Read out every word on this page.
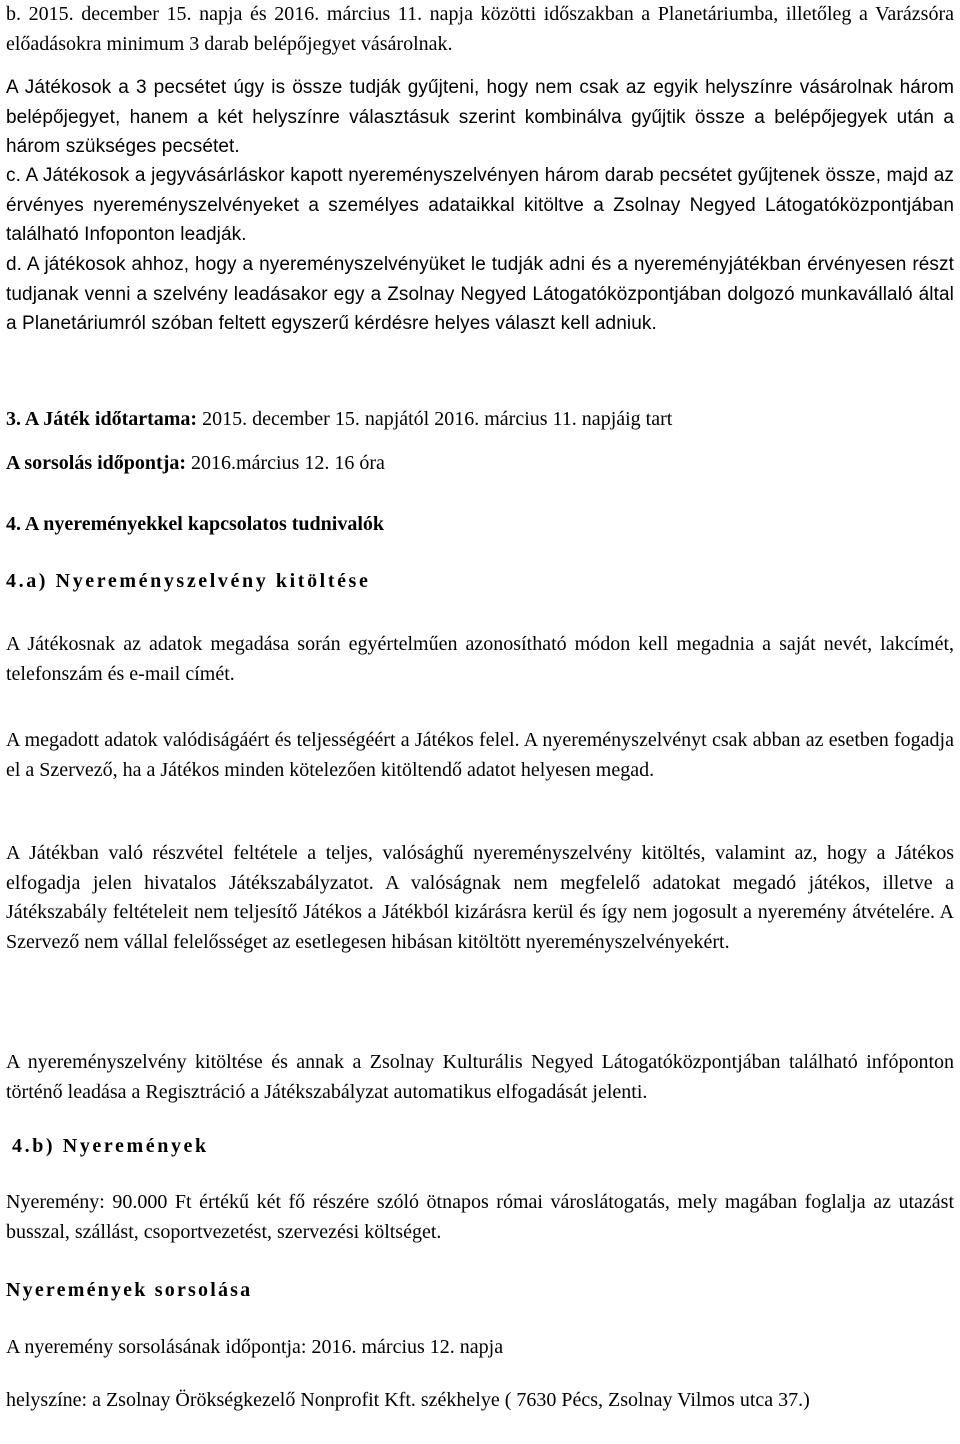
b. 2015. december 15. napja és 2016. március 11. napja közötti időszakban a Planetáriumba, illetőleg a Varázsóra előadásokra minimum 3 darab belépőjegyet vásárolnak.

A Játékosok a 3 pecsétet úgy is össze tudják gyűjteni, hogy nem csak az egyik helyszínre vásárolnak három belépőjegyet, hanem a két helyszínre választásuk szerint kombinálva gyűjtik össze a belépőjegyek után a három szükséges pecsétet.

c. A Játékosok a jegyvásárláskor kapott nyereményszelvényen három darab pecsétet gyűjtenek össze, majd az érvényes nyereményszelvényeket a személyes adataikkal kitöltve a Zsolnay Negyed Látogatóközpontjában található Infoponton leadják.

d. A játékosok ahhoz, hogy a nyereményszelvényüket le tudják adni és a nyereményjátékban érvényesen részt tudjanak venni a szelvény leadásakor egy a Zsolnay Negyed Látogatóközpontjában dolgozó munkavállaló által a Planetáriumról szóban feltett egyszerű kérdésre helyes választ kell adniuk.

3. A Játék időtartama: 2015. december 15. napjától 2016. március 11. napjáig tart

A sorsolás időpontja: 2016.március 12. 16 óra

4. A nyereményekkel kapcsolatos tudnivalók

4.a) Nyereményszelvény kitöltése

A Játékosnak az adatok megadása során egyértelműen azonosítható módon kell megadnia a saját nevét, lakcímét, telefonszám és e-mail címét.

A megadott adatok valódiságáért és teljességéért a Játékos felel. A nyereményszelvényt csak abban az esetben fogadja el a Szervező, ha a Játékos minden kötelezően kitöltendő adatot helyesen megad.

A Játékban való részvétel feltétele a teljes, valósághű nyereményszelvény kitöltés, valamint az, hogy a Játékos elfogadja jelen hivatalos Játékszabályzatot. A valóságnak nem megfelelő adatokat megadó játékos, illetve a Játékszabály feltételeit nem teljesítő Játékos a Játékból kizárásra kerül és így nem jogosult a nyeremény átvételére. A Szervező nem vállal felelősséget az esetlegesen hibásan kitöltött nyereményszelvényekért.

A nyereményszelvény kitöltése és annak a Zsolnay Kulturális Negyed Látogatóközpontjában található infóponton történő leadása a Regisztráció a Játékszabályzat automatikus elfogadását jelenti.

4.b) Nyeremények

Nyeremény: 90.000 Ft értékű két fő részére szóló ötnapos római városlátogatás, mely magában foglalja az utazást busszal, szállást, csoportvezetést, szervezési költséget.

Nyeremények sorsolása

A nyeremény sorsolásának időpontja: 2016. március 12. napja

helyszíne: a Zsolnay Örökségkezelő Nonprofit Kft. székhelye ( 7630 Pécs, Zsolnay Vilmos utca 37.)
